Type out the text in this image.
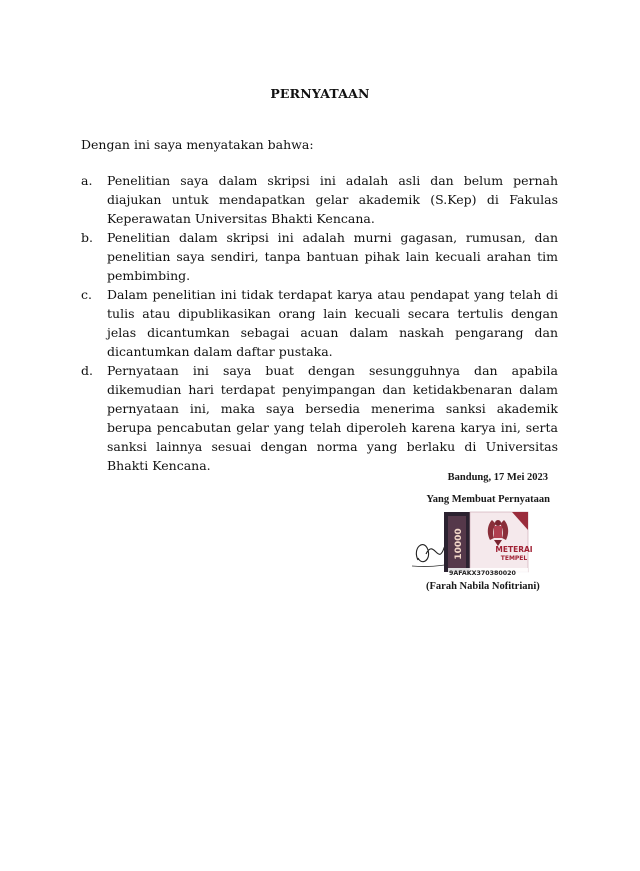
PERNYATAAN
Dengan ini saya menyatakan bahwa:
a. Penelitian saya dalam skripsi ini adalah asli dan belum pernah diajukan untuk mendapatkan gelar akademik (S.Kep) di Fakulas Keperawatan Universitas Bhakti Kencana.
b. Penelitian dalam skripsi ini adalah murni gagasan, rumusan, dan penelitian saya sendiri, tanpa bantuan pihak lain kecuali arahan tim pembimbing.
c. Dalam penelitian ini tidak terdapat karya atau pendapat yang telah di tulis atau dipublikasikan orang lain kecuali secara tertulis dengan jelas dicantumkan sebagai acuan dalam naskah pengarang dan dicantumkan dalam daftar pustaka.
d. Pernyataan ini saya buat dengan sesungguhnya dan apabila dikemudian hari terdapat penyimpangan dan ketidakbenaran dalam pernyataan ini, maka saya bersedia menerima sanksi akademik berupa pencabutan gelar yang telah diperoleh karena karya ini, serta sanksi lainnya sesuai dengan norma yang berlaku di Universitas Bhakti Kencana.
Bandung, 17 Mei 2023
Yang Membuat Pernyataan
10000	METERAI
TEMPEL
9AFAKX370380020
(Farah Nabila Nofitriani)
